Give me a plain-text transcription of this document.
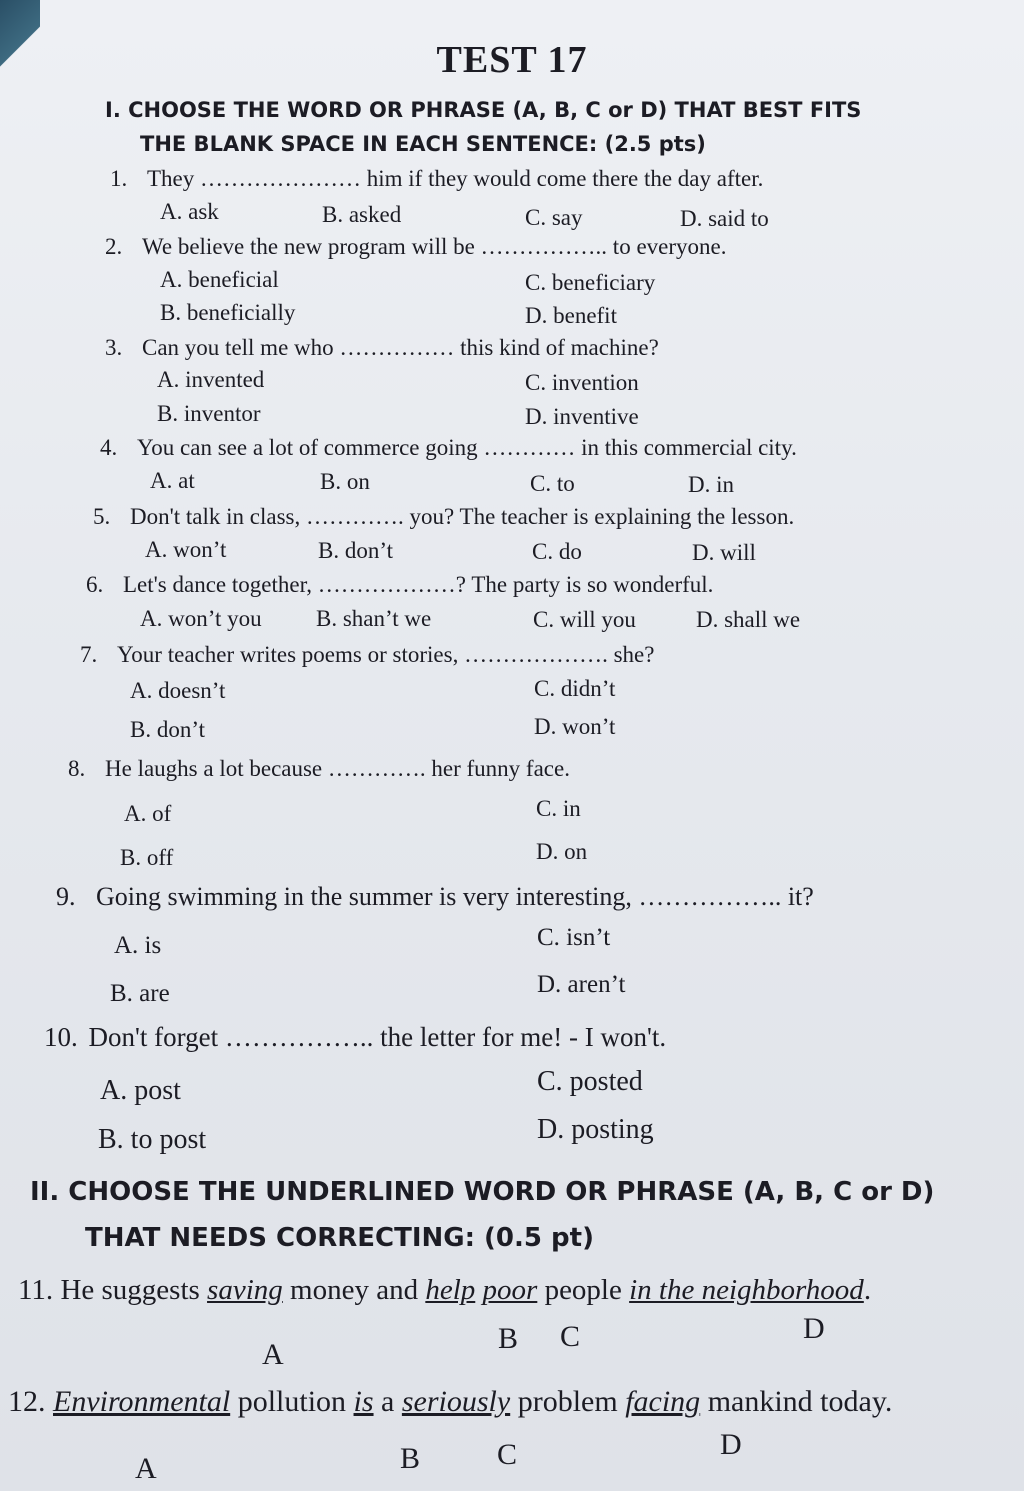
TEST 17
I. CHOOSE THE WORD OR PHRASE (A, B, C or D) THAT BEST FITS
THE BLANK SPACE IN EACH SENTENCE: (2.5 pts)
1. They ………………… him if they would come there the day after.
A. ask	B. asked	C. say	D. said to
2. We believe the new program will be …………….. to everyone.
A. beneficial	C. beneficiary
B. beneficially	D. benefit
3. Can you tell me who …………… this kind of machine?
A. invented	C. invention
B. inventor	D. inventive
4. You can see a lot of commerce going ………… in this commercial city.
A. at	B. on	C. to	D. in
5. Don't talk in class, …………. you? The teacher is explaining the lesson.
A. won’t	B. don’t	C. do	D. will
6. Let's dance together, ………………? The party is so wonderful.
A. won’t you B. shan’t we	C. will you	D. shall we
7. Your teacher writes poems or stories, ………………. she?
A. doesn’t	C. didn’t
B. don’t	D. won’t
8. He laughs a lot because …………. her funny face.
A. of	C. in
B. off	D. on
9. Going swimming in the summer is very interesting, …………….. it?
A. is	C. isn’t
B. are	D. aren’t
10. Don't forget …………….. the letter for me! - I won't.
A. post	C. posted
B. to post	D. posting
II. CHOOSE THE UNDERLINED WORD OR PHRASE (A, B, C or D)
THAT NEEDS CORRECTING: (0.5 pt)
11. He suggests saving money and help poor people in the neighborhood.
A	B C	D
12. Environmental pollution is a seriously problem facing mankind today.
A	B	C	D
